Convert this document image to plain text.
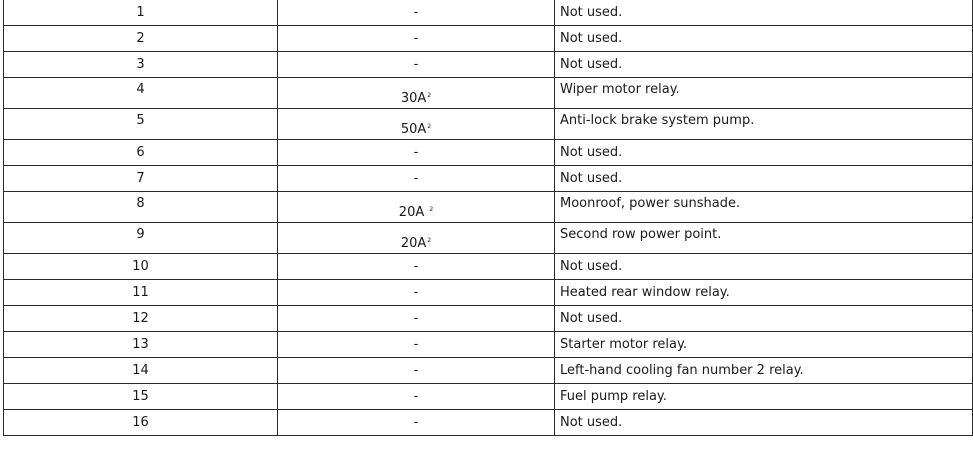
1	-	Not used.
2	-	Not used.
3	-	Not used.
4	$30A^2$	Wiper motor relay.
5	$50A^2$	Anti-lock brake system pump.
6	-	Not used.
7	-	Not used.
8	20A $^2$	Moonroof, power sunshade.
9	$20A^2$	Second row power point.
10	-	Not used.
11	-	Heated rear window relay.
12	-	Not used.
13	-	Starter motor relay.
14	-	Left-hand cooling fan number 2 relay.
15	-	Fuel pump relay.
16	-	Not used.
